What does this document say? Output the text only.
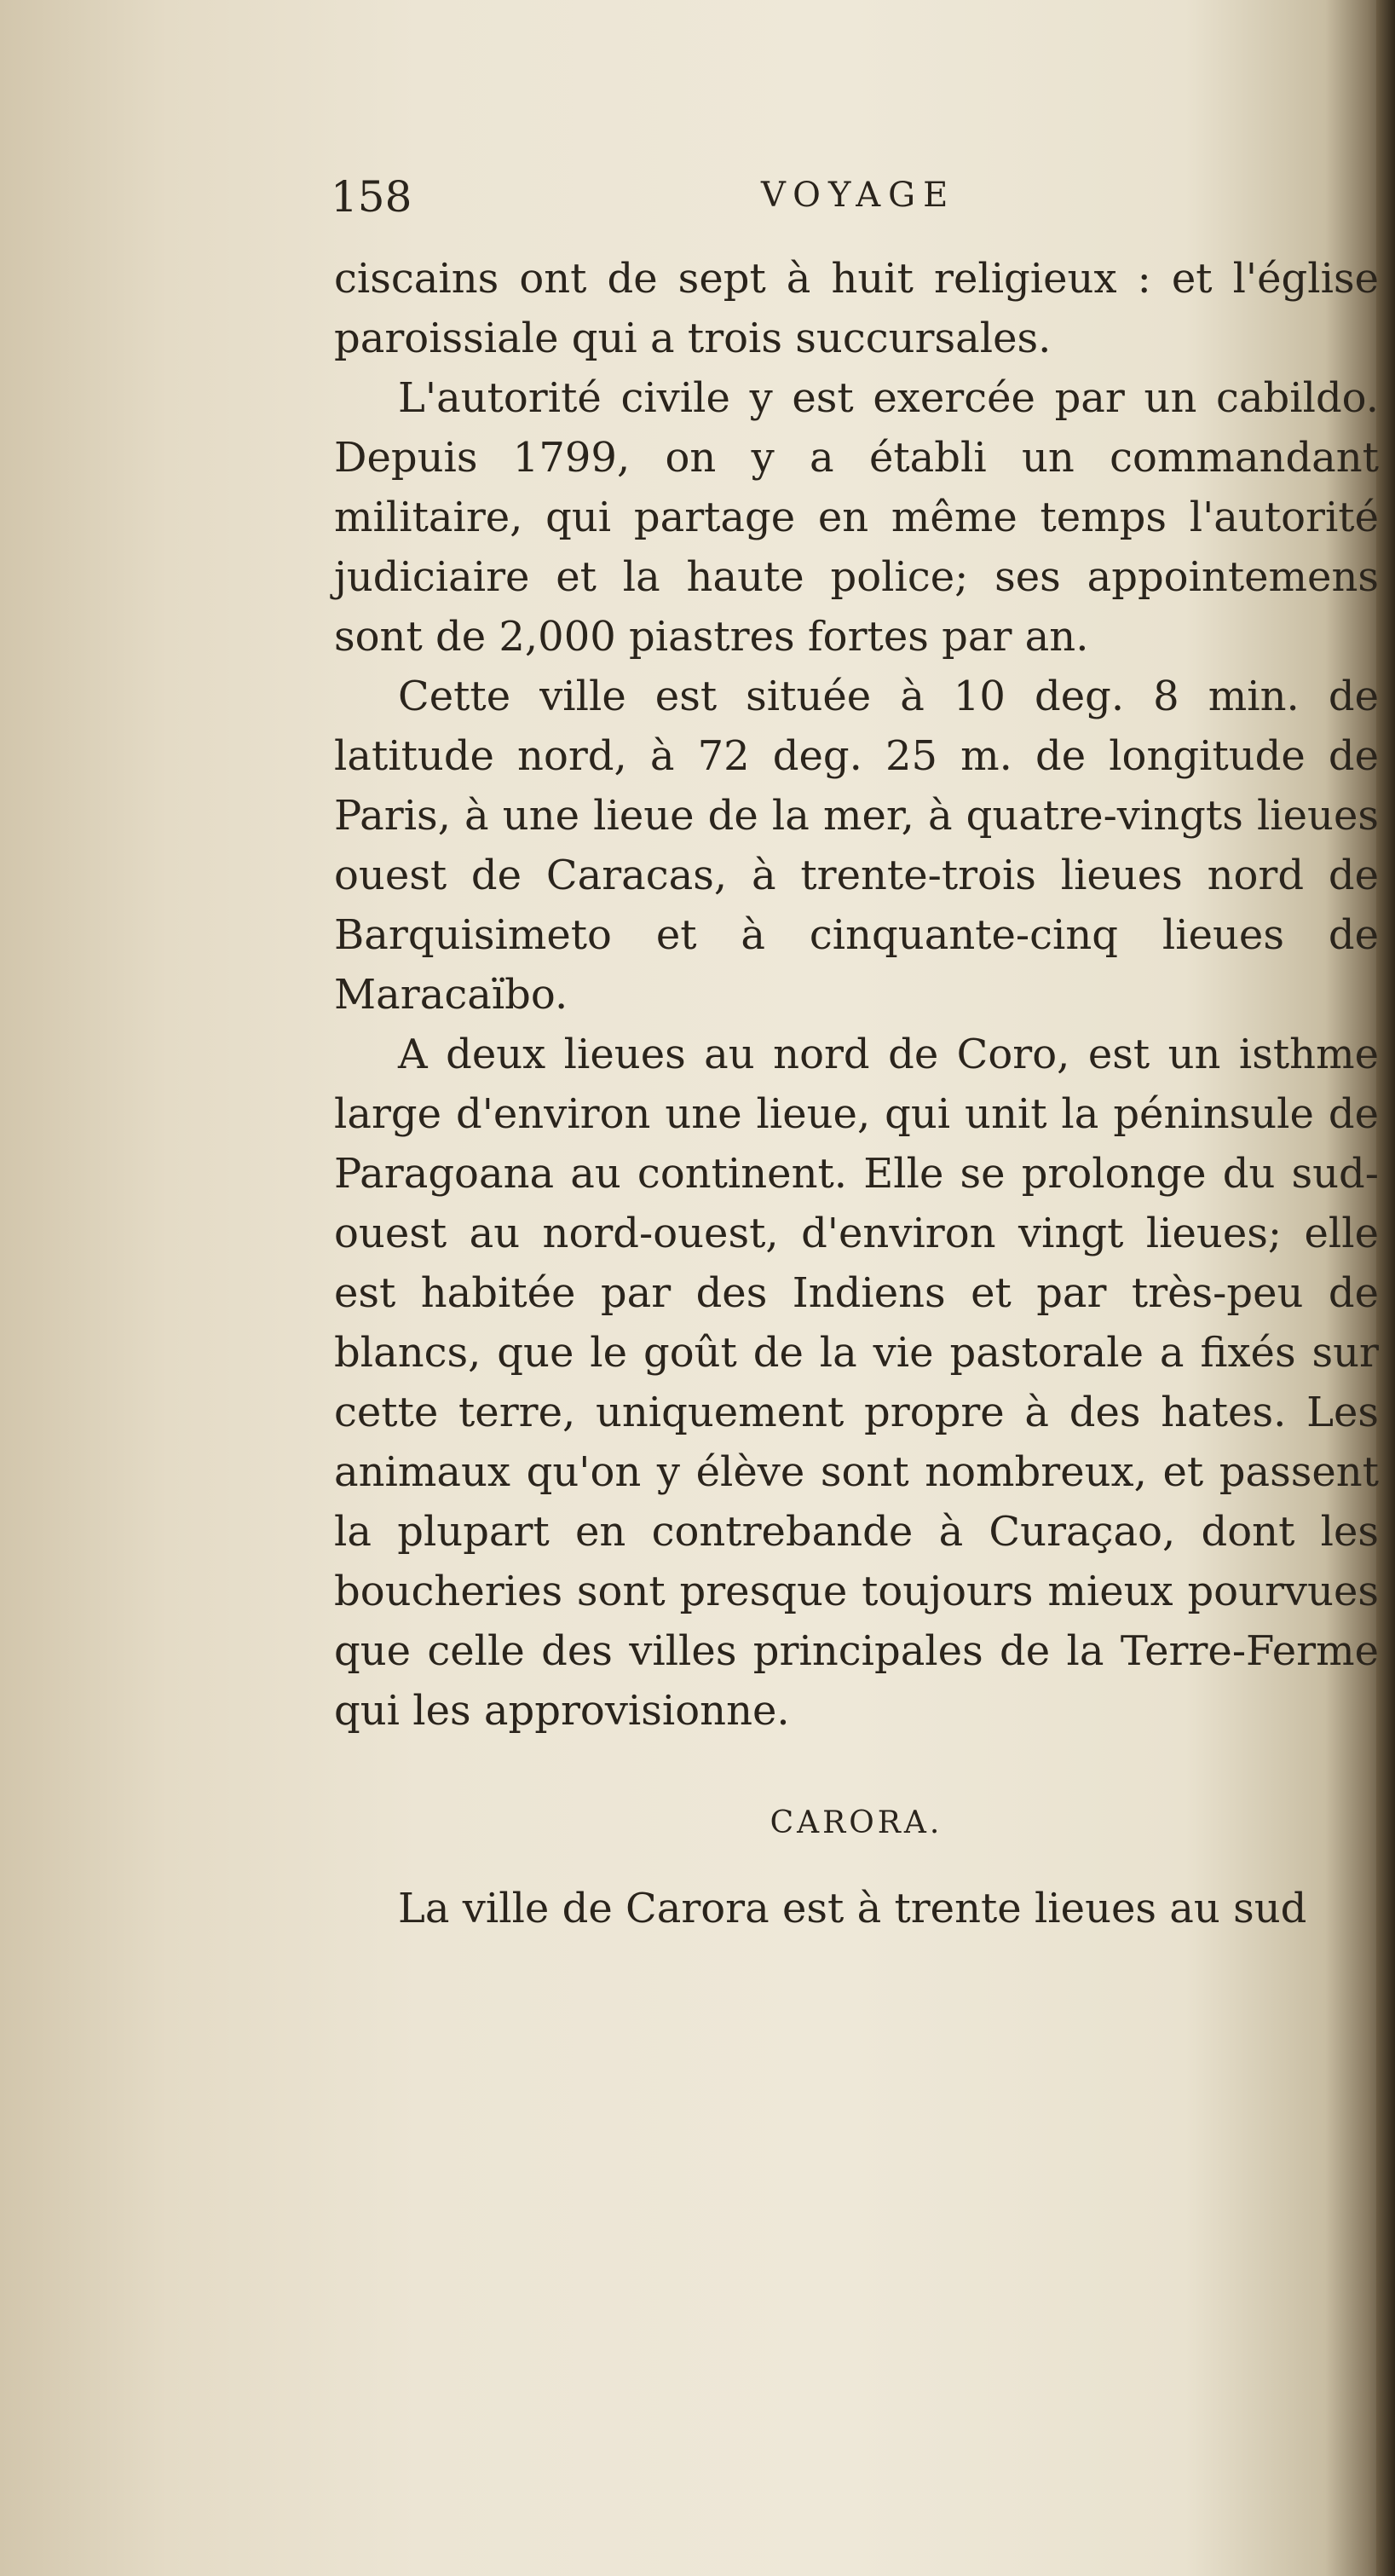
158	VOYAGE

ciscains ont de sept à huit religieux : et l'église paroissiale qui a trois succursales.

L'autorité civile y est exercée par un cabildo. Depuis 1799, on y a établi un commandant militaire, qui partage en même temps l'autorité judiciaire et la haute police; ses appointemens sont de 2,000 piastres fortes par an.

Cette ville est située à 10 deg. 8 min. de latitude nord, à 72 deg. 25 m. de longitude de Paris, à une lieue de la mer, à quatre-vingts lieues ouest de Caracas, à trente-trois lieues nord de Barquisimeto et à cinquante-cinq lieues de Maracaïbo.

A deux lieues au nord de Coro, est un isthme large d'environ une lieue, qui unit la péninsule de Paragoana au continent. Elle se prolonge du sud-ouest au nord-ouest, d'environ vingt lieues; elle est habitée par des Indiens et par très-peu de blancs, que le goût de la vie pastorale a fixés sur cette terre, uniquement propre à des hates. Les animaux qu'on y élève sont nombreux, et passent la plupart en contrebande à Curaçao, dont les boucheries sont presque toujours mieux pourvues que celle des villes principales de la Terre-Ferme qui les approvisionne.

CARORA.

La ville de Carora est à trente lieues au sud
